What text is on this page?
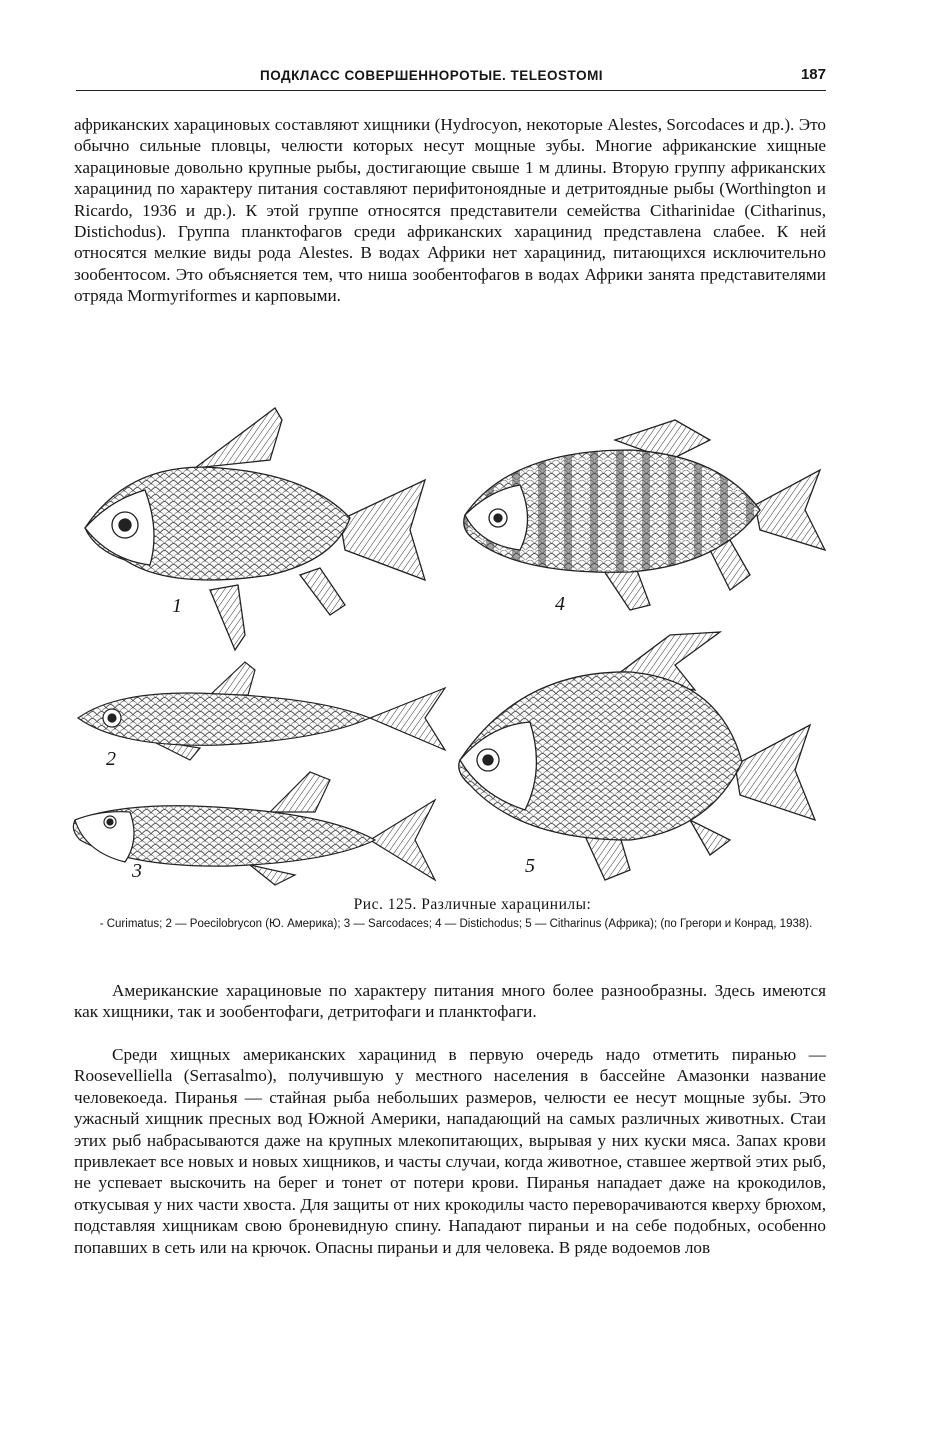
ПОДКЛАСС СОВЕРШЕННОРОТЫЕ. TELEOSTOMI	187

африканских харациновых составляют хищники (Hydrocyon, некоторые Alestes, Sorcodaces и др.). Это обычно сильные пловцы, челюсти которых несут мощные зубы. Многие африканские хищные харациновые довольно крупные рыбы, достигающие свыше 1 м длины. Вторую группу африканских харацинид по характеру питания составляют перифитоноядные и детритоядные рыбы (Worthington и Ricardo, 1936 и др.). К этой группе относятся представители семейства Citharinidae (Citharinus, Distichodus). Группа планктофагов среди африканских харацинид представлена слабее. К ней относятся мелкие виды рода Alestes. В водах Африки нет харацинид, питающихся исключительно зообентосом. Это объясняется тем, что ниша зообентофагов в водах Африки занята представителями отряда Mormyriformes и карповыми.

1
2
3
4
5
Рис. 125. Различные харацинилы:
- Curimatus; 2 — Poecilobrycon (Ю. Америка); 3 — Sarcodaces; 4 — Distichodus; 5 — Citharinus (Африка); (по Грегори и Конрад, 1938).

Американские харациновые по характеру питания много более разнообразны. Здесь имеются как хищники, так и зообентофаги, детритофаги и планктофаги.

Среди хищных американских харацинид в первую очередь надо отметить пиранью — Roosevelliella (Serrasalmo), получившую у местного населения в бассейне Амазонки название человекоеда. Пиранья — стайная рыба небольших размеров, челюсти ее несут мощные зубы. Это ужасный хищник пресных вод Южной Америки, нападающий на самых различных животных. Стаи этих рыб набрасываются даже на крупных млекопитающих, вырывая у них куски мяса. Запах крови привлекает все новых и новых хищников, и часты случаи, когда животное, ставшее жертвой этих рыб, не успевает выскочить на берег и тонет от потери крови. Пиранья нападает даже на крокодилов, откусывая у них части хвоста. Для защиты от них крокодилы часто переворачиваются кверху брюхом, подставляя хищникам свою броневидную спину. Нападают пираньи и на себе подобных, особенно попавших в сеть или на крючок. Опасны пираньи и для человека. В ряде водоемов лов
